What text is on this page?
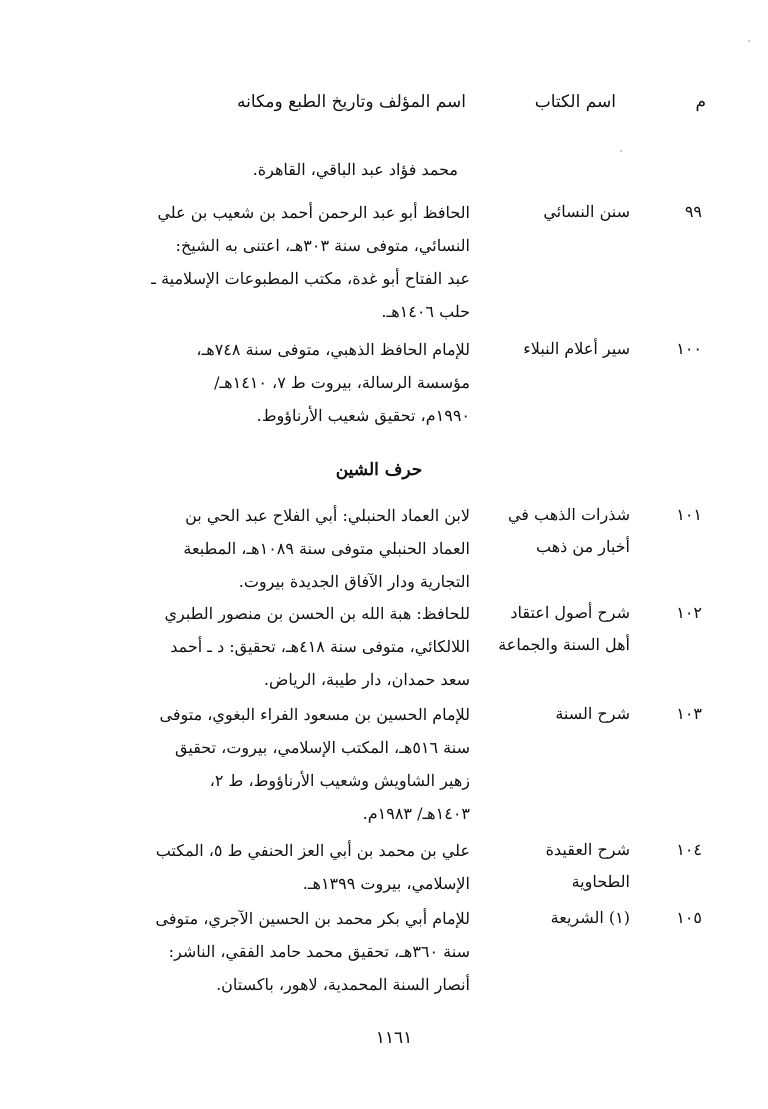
م
اسم الكتاب
اسم المؤلف وتاريخ الطبع ومكانه
محمد فؤاد عبد الباقي، القاهرة.
٩٩
سنن النسائي
الحافظ أبو عبد الرحمن أحمد بن شعيب بن علي
النسائي، متوفى سنة ٣٠٣هـ، اعتنى به الشيخ:
عبد الفتاح أبو غدة، مكتب المطبوعات الإسلامية ـ
حلب ١٤٠٦هـ.
١٠٠
سير أعلام النبلاء
للإمام الحافظ الذهبي، متوفى سنة ٧٤٨هـ،
مؤسسة الرسالة، بيروت ط ٧، ١٤١٠هـ/
١٩٩٠م، تحقيق شعيب الأرناؤوط.
حرف الشين
١٠١
شذرات الذهب في
أخبار من ذهب
لابن العماد الحنبلي: أبي الفلاح عبد الحي بن
العماد الحنبلي متوفى سنة ١٠٨٩هـ، المطبعة
التجارية ودار الآفاق الجديدة بيروت.
١٠٢
شرح أصول اعتقاد
أهل السنة والجماعة
للحافظ: هبة الله بن الحسن بن منصور الطبري
اللالكائي، متوفى سنة ٤١٨هـ، تحقيق: د ـ أحمد
سعد حمدان، دار طيبة، الرياض.
١٠٣
شرح السنة
للإمام الحسين بن مسعود الفراء البغوي، متوفى
سنة ٥١٦هـ، المكتب الإسلامي، بيروت، تحقيق
زهير الشاويش وشعيب الأرناؤوط، ط ٢،
١٤٠٣هـ/ ١٩٨٣م.
١٠٤
شرح العقيدة
الطحاوية
علي بن محمد بن أبي العز الحنفي ط ٥، المكتب
الإسلامي، بيروت ١٣٩٩هـ.
١٠٥
(١) الشريعة
للإمام أبي بكر محمد بن الحسين الآجري، متوفى
سنة ٣٦٠هـ، تحقيق محمد حامد الفقي، الناشر:
أنصار السنة المحمدية، لاهور، باكستان.
١١٦١
